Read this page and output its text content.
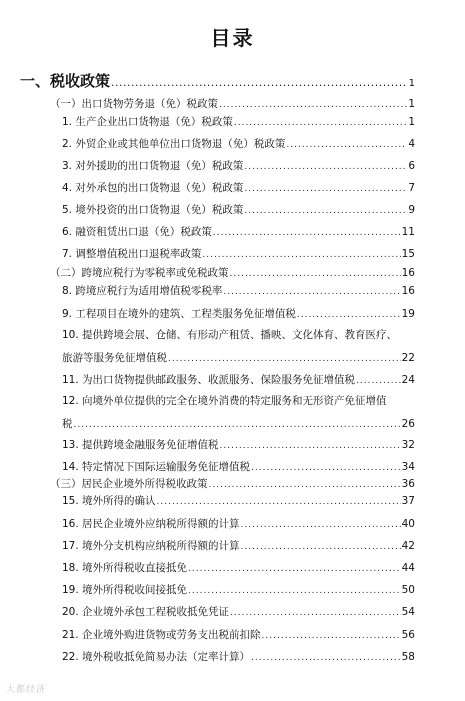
目录
一、税收政策 .....	1
（一）出口货物劳务退（免）税政策 .....	1
1. 生产企业出口货物退（免）税政策 .....	1
2. 外贸企业或其他单位出口货物退（免）税政策 .....	4
3. 对外援助的出口货物退（免）税政策 .....	6
4. 对外承包的出口货物退（免）税政策 .....	7
5. 境外投资的出口货物退（免）税政策 .....	9
6. 融资租赁出口退（免）税政策 .....	11
7. 调整增值税出口退税率政策 .....	15
（二）跨境应税行为零税率或免税政策 .....	16
8. 跨境应税行为适用增值税零税率 .....	16
9. 工程项目在境外的建筑、工程类服务免征增值税 .....	19
10. 提供跨境会展、仓储、有形动产租赁、播映、文化体育、教育医疗、
旅游等服务免征增值税 .....	22
11. 为出口货物提供邮政服务、收派服务、保险服务免征增值税 .....	24
12. 向境外单位提供的完全在境外消费的特定服务和无形资产免征增值
税 .....	26
13. 提供跨境金融服务免征增值税 .....	32
14. 特定情况下国际运输服务免征增值税 .....	34
（三）居民企业境外所得税收政策 .....	36
15. 境外所得的确认 .....	37
16. 居民企业境外应纳税所得额的计算 .....	40
17. 境外分支机构应纳税所得额的计算 .....	42
18. 境外所得税收直接抵免 .....	44
19. 境外所得税收间接抵免 .....	50
20. 企业境外承包工程税收抵免凭证 .....	54
21. 企业境外购进货物或劳务支出税前扣除 .....	56
22. 境外税收抵免简易办法（定率计算） .....	58
大都经济
